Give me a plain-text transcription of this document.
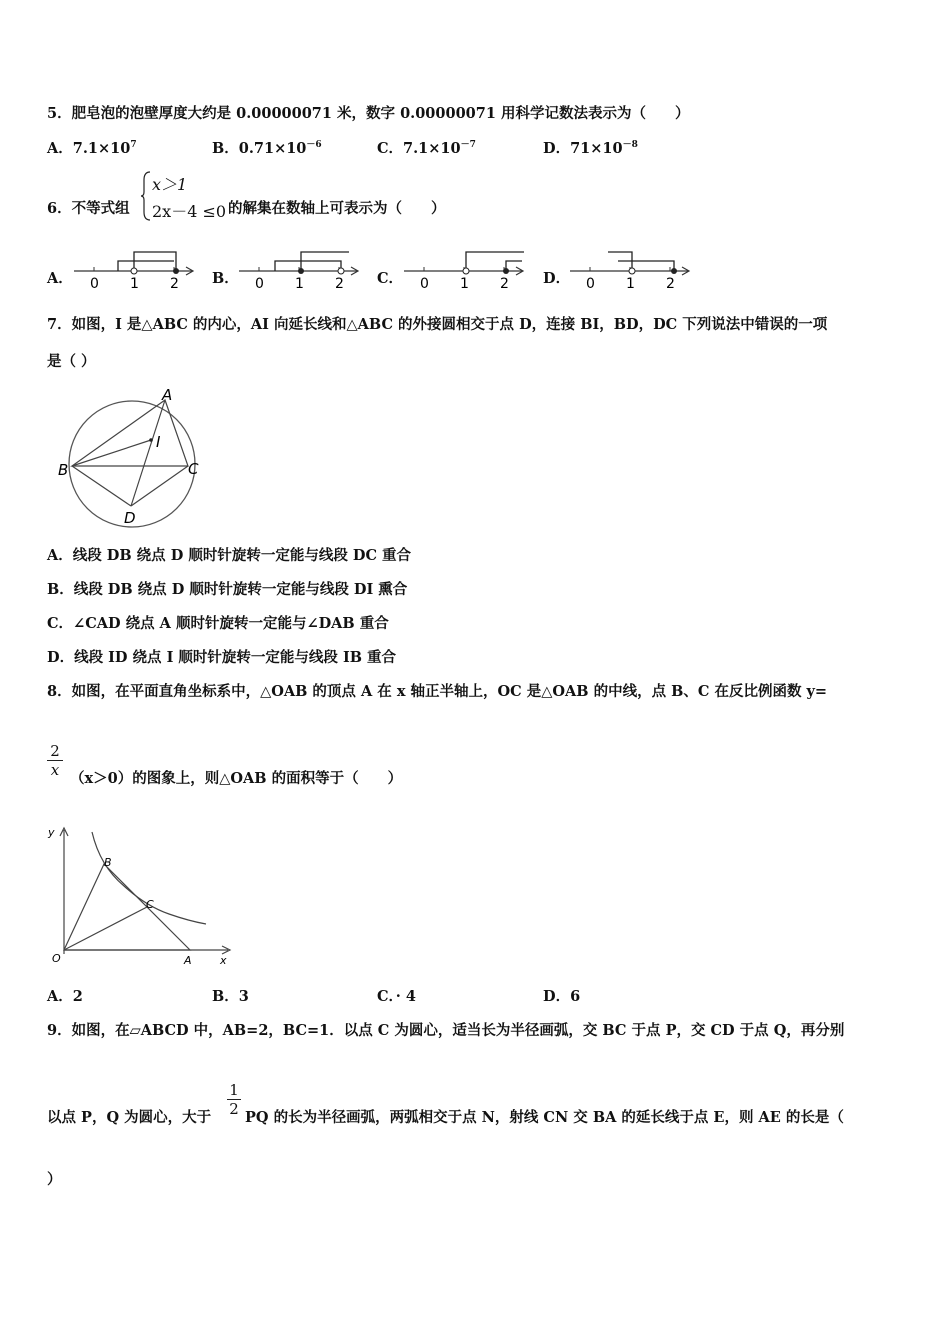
5．肥皂泡的泡壁厚度大约是 0.00000071 米，数字 0.00000071 用科学记数法表示为（　　）
A．$7.1\times 10^7$	B．$0.71\times 10^{-6}$	C．$7.1\times 10^{-7}$	D．$71\times 10^{-8}$
6．不等式组
x＞1
2x－4 ≤0 的解集在数轴上可表示为（　　）
A． 0 1 2 B． 0 1 2 C． 0 1 2 D． 0 1 2
7．如图，I 是△ABC 的内心，AI 向延长线和△ABC 的外接圆相交于点 D，连接 BI，BD，DC 下列说法中错误的一项
是（ ）
A
I
B	C
D
A．线段 DB 绕点 D 顺时针旋转一定能与线段 DC 重合
B．线段 DB 绕点 D 顺时针旋转一定能与线段 DI 熏合
C．∠CAD 绕点 A 顺时针旋转一定能与∠DAB 重合
D．线段 ID 绕点 I 顺时针旋转一定能与线段 IB 重合
8．如图，在平面直角坐标系中，△OAB 的顶点 A 在 x 轴正半轴上，OC 是△OAB 的中线，点 B、C 在反比例函数 y=
$\frac{2}{x} (x>0)$的图象上，则△OAB 的面积等于（　　）
y
x
O	A
B
C
A．2	B．3	C．· 4	D．6
9．如图，在▱ABCD 中，AB=2，BC=1．以点 C 为圆心，适当长为半径画弧，交 BC 于点 P，交 CD 于点 Q，再分别
以点 P，Q 为圆心，大于 $\frac{1}{2}$ PQ 的长为半径画弧，两弧相交于点 N，射线 CN 交 BA 的延长线于点 E，则 AE 的长是（
）
